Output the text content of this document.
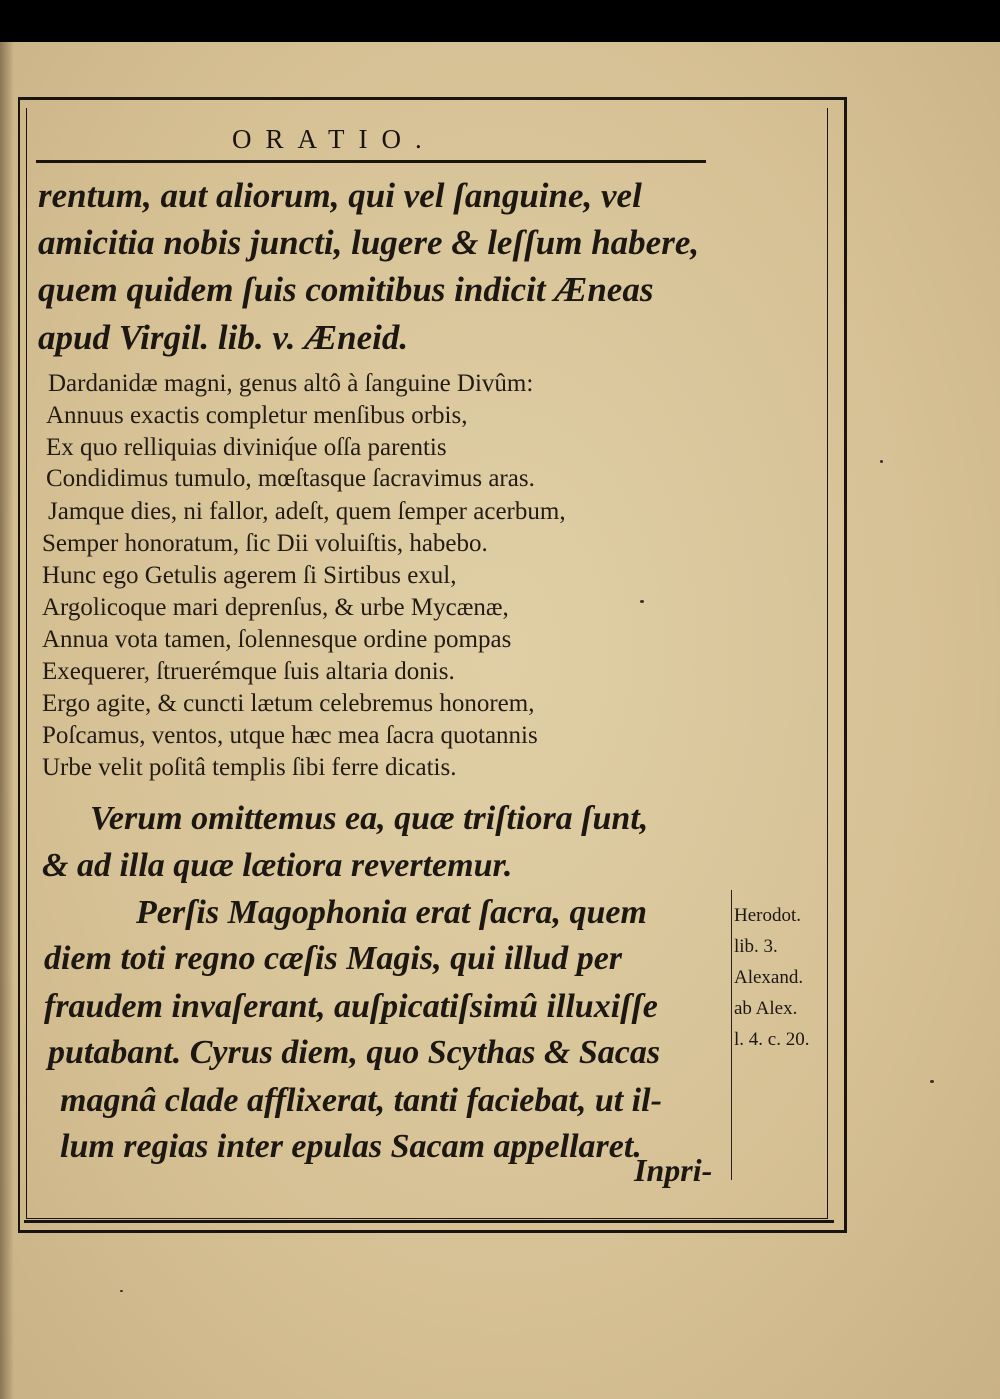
ORATIO.
rentum, aut aliorum, qui vel ſanguine, vel
amicitia nobis juncti, lugere & leſſum habere,
quem quidem ſuis comitibus indicit Æneas
apud Virgil. lib. v. Æneid.
Dardanidæ magni, genus altô à ſanguine Divûm:
Annuus exactis completur menſibus orbis,
Ex quo relliquias diviniq́ue oſſa parentis
Condidimus tumulo, mœſtasque ſacravimus aras.
Jamque dies, ni fallor, adeſt, quem ſemper acerbum,
Semper honoratum, ſic Dii voluiſtis, habebo.
Hunc ego Getulis agerem ſi Sirtibus exul,
Argolicoque mari deprenſus, & urbe Mycænæ,
Annua vota tamen, ſolennesque ordine pompas
Exequerer, ſtruerémque ſuis altaria donis.
Ergo agite, & cuncti lætum celebremus honorem,
Poſcamus, ventos, utque hæc mea ſacra quotannis
Urbe velit poſitâ templis ſibi ferre dicatis.
Verum omittemus ea, quæ triſtiora ſunt,
& ad illa quæ lætiora revertemur.
Perſis Magophonia erat ſacra, quem
diem toti regno cæſis Magis, qui illud per
fraudem invaſerant, auſpicatiſsimû illuxiſſe
putabant. Cyrus diem, quo Scythas & Sacas
magnâ clade afflixerat, tanti faciebat, ut il-
lum regias inter epulas Sacam appellaret.
Inpri-
Herodot.
lib. 3.
Alexand.
ab Alex.
l. 4. c. 20.
